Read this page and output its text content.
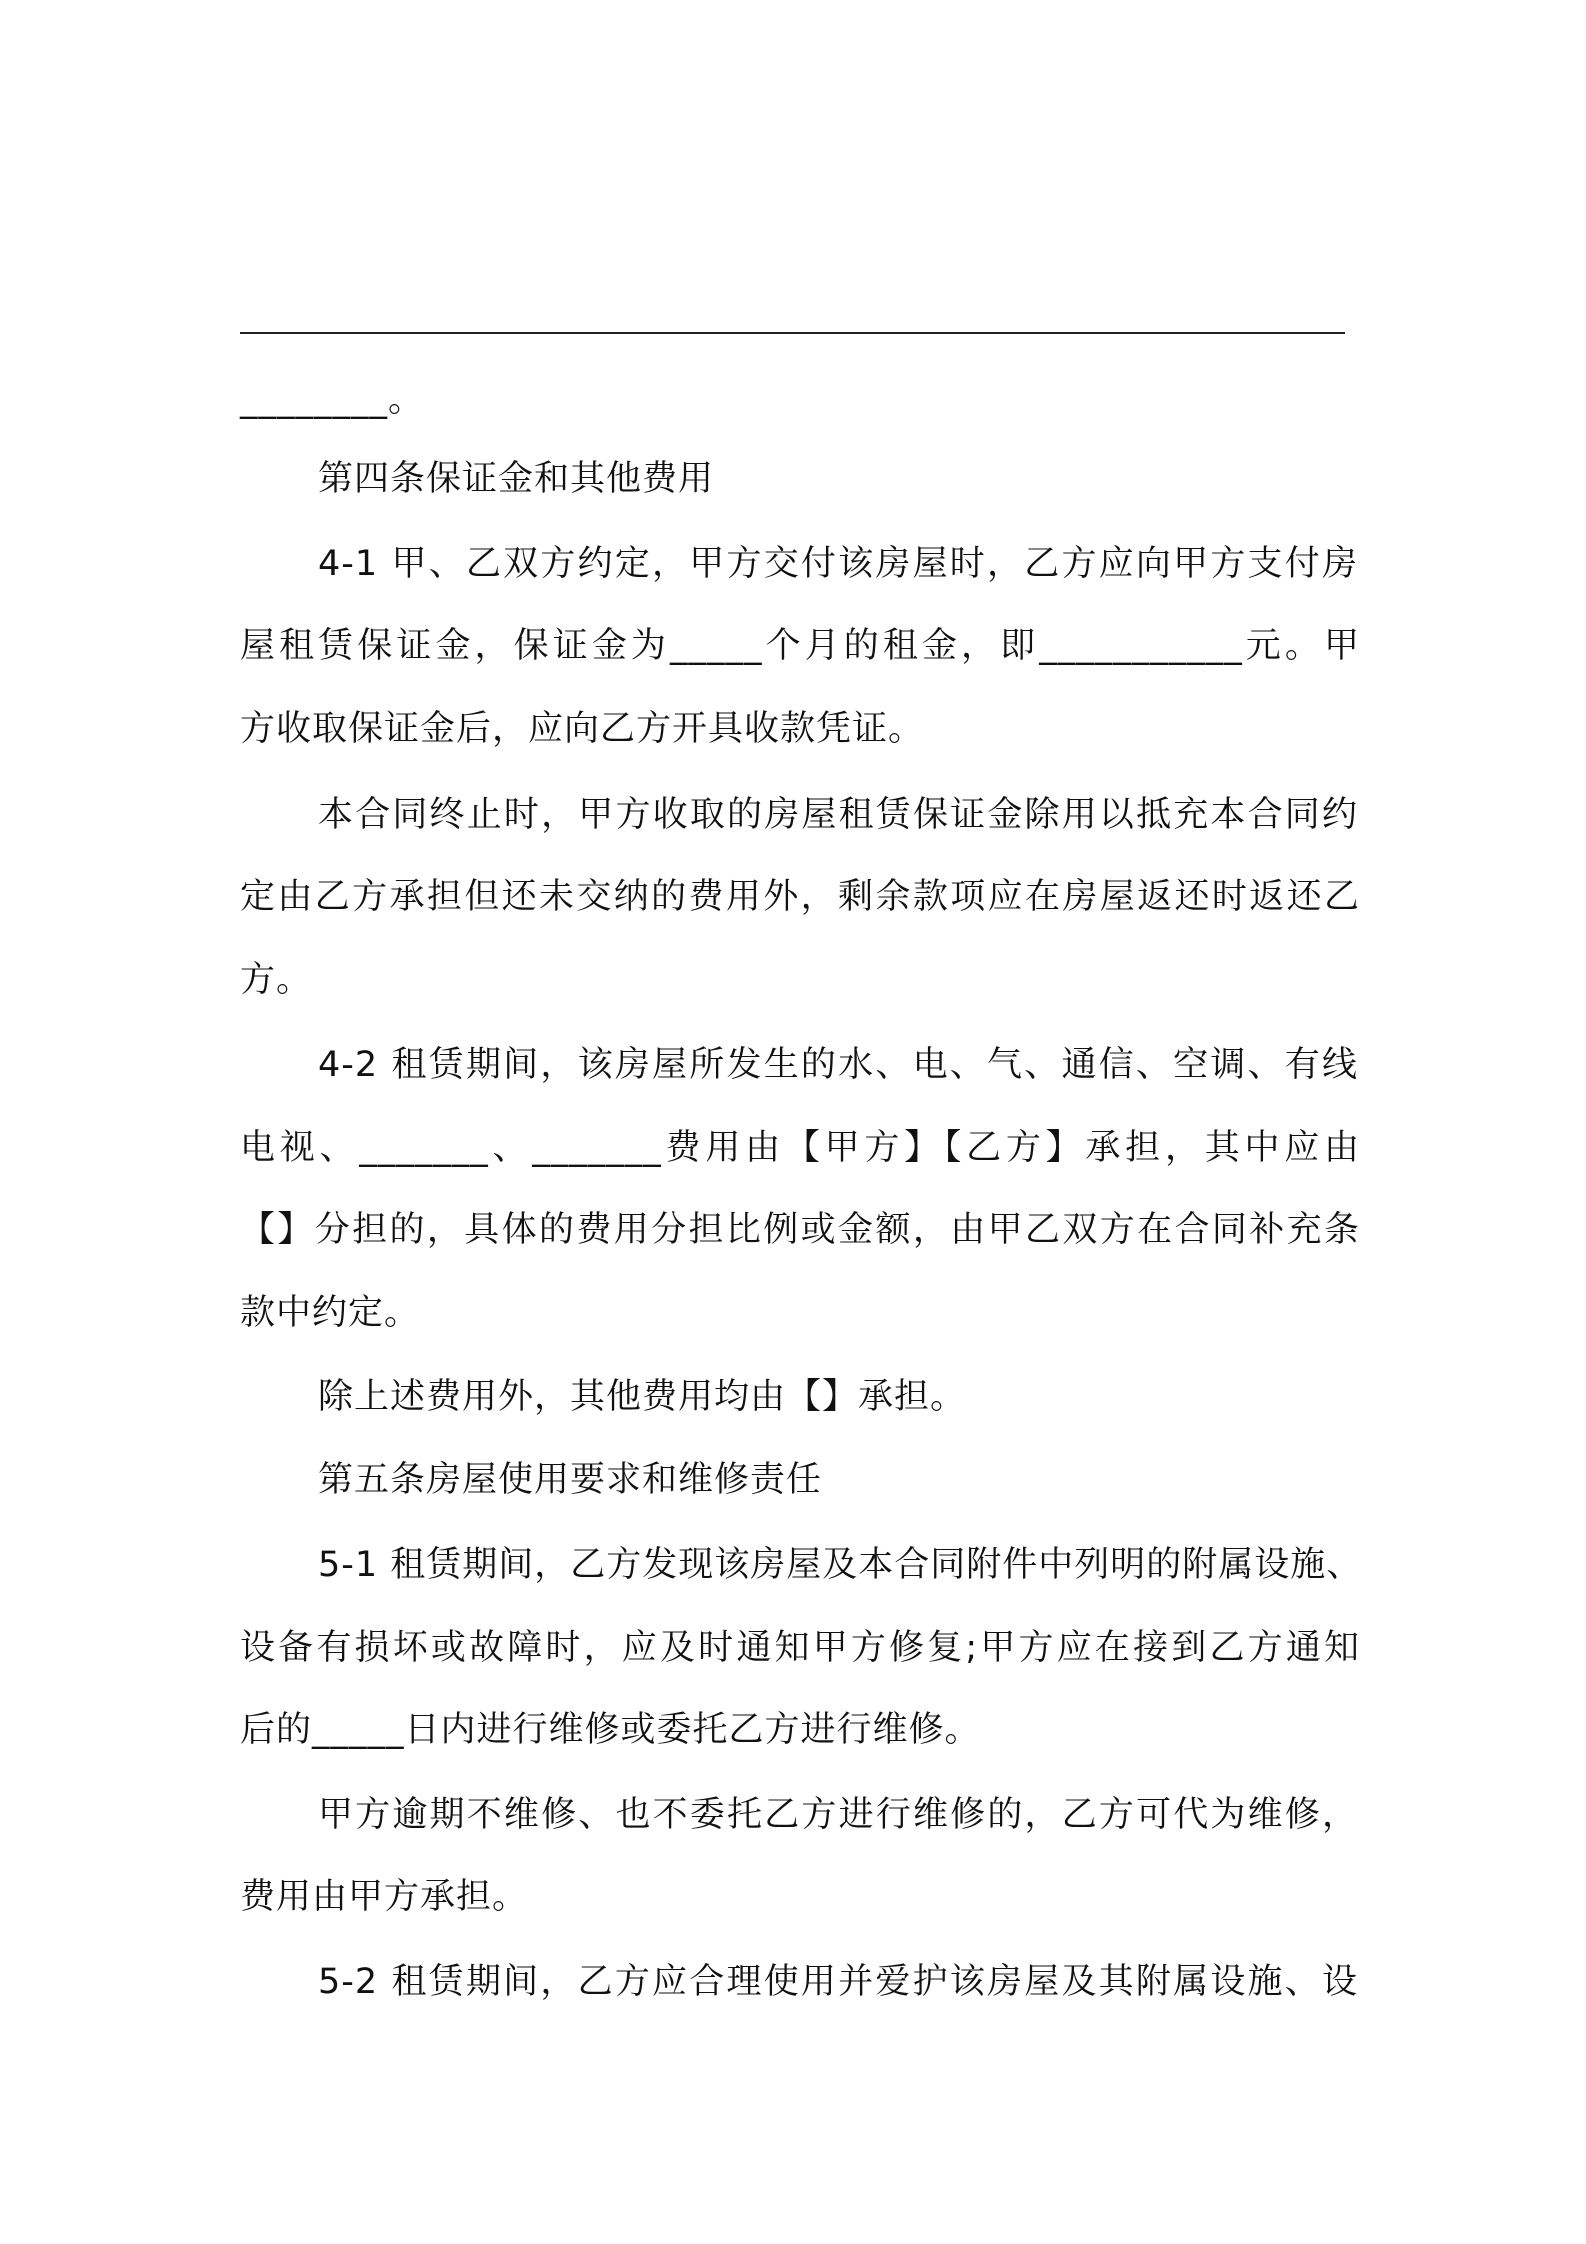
________。
第四条保证金和其他费用
4-1 甲、乙双方约定，甲方交付该房屋时，乙方应向甲方支付房
屋租赁保证金，保证金为_____个月的租金，即___________元。甲
方收取保证金后，应向乙方开具收款凭证。
本合同终止时，甲方收取的房屋租赁保证金除用以抵充本合同约
定由乙方承担但还未交纳的费用外，剩余款项应在房屋返还时返还乙
方。
4-2 租赁期间，该房屋所发生的水、电、气、通信、空调、有线
电视、_______、_______费用由【甲方】【乙方】承担，其中应由
【】分担的，具体的费用分担比例或金额，由甲乙双方在合同补充条
款中约定。
除上述费用外，其他费用均由【】承担。
第五条房屋使用要求和维修责任
5-1 租赁期间，乙方发现该房屋及本合同附件中列明的附属设施、
设备有损坏或故障时，应及时通知甲方修复;甲方应在接到乙方通知
后的_____日内进行维修或委托乙方进行维修。
甲方逾期不维修、也不委托乙方进行维修的，乙方可代为维修，
费用由甲方承担。
5-2 租赁期间，乙方应合理使用并爱护该房屋及其附属设施、设
